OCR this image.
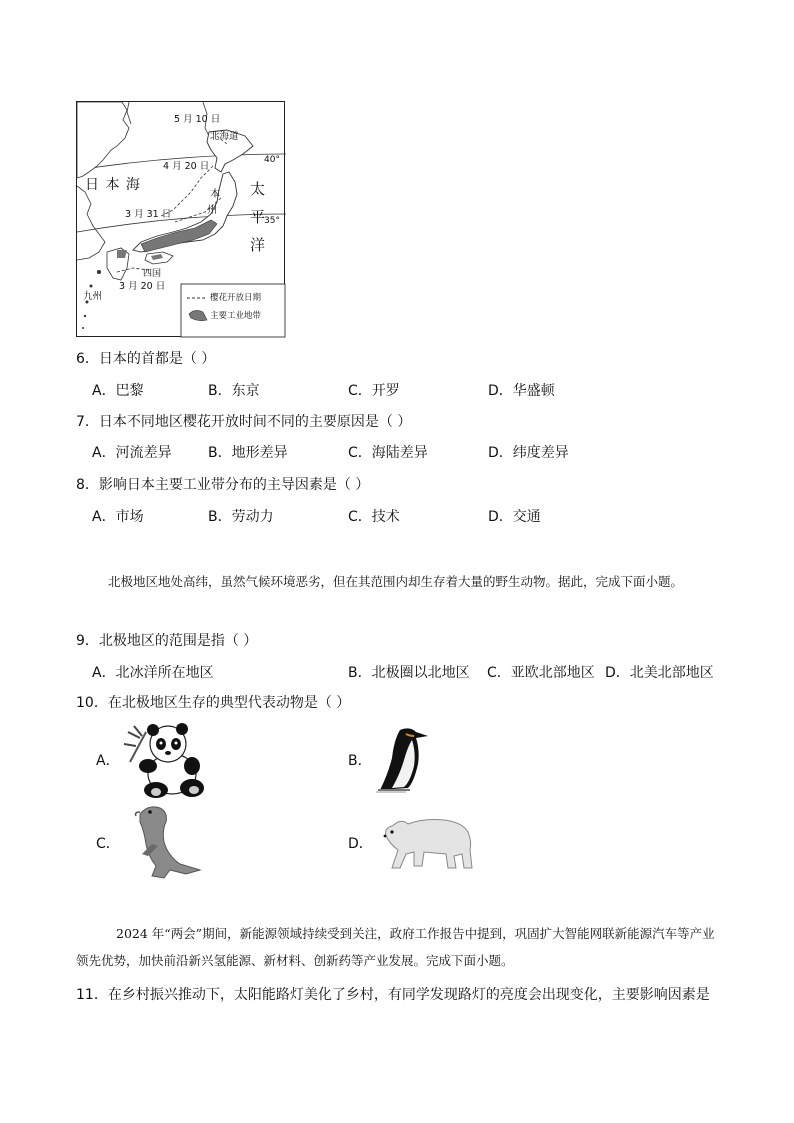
5 月 10 日
北海道
4 月 20 日
40°
日 本 海
本
州
太
平
洋
3 月 31 日
35°
四国
3 月 20 日
九州	樱花开放日期
主要工业地带
6．日本的首都是（ ）
A．巴黎	B．东京	C．开罗	D．华盛顿
7．日本不同地区樱花开放时间不同的主要原因是（ ）
A．河流差异	B．地形差异	C．海陆差异	D．纬度差异
8．影响日本主要工业带分布的主导因素是（ ）
A．市场	B．劳动力	C．技术	D．交通
北极地区地处高纬，虽然气候环境恶劣，但在其范围内却生存着大量的野生动物。据此，完成下面小题。
9．北极地区的范围是指（ ）
A．北冰洋所在地区	B．北极圈以北地区 C．亚欧北部地区 D．北美北部地区
10．在北极地区生存的典型代表动物是（ ）
A．	B．
C．	D．
2024 年“两会”期间，新能源领域持续受到关注，政府工作报告中提到，巩固扩大智能网联新能源汽车等产业领先优势，加快前沿新兴氢能源、新材料、创新药等产业发展。完成下面小题。
11．在乡村振兴推动下，太阳能路灯美化了乡村，有同学发现路灯的亮度会出现变化，主要影响因素是
